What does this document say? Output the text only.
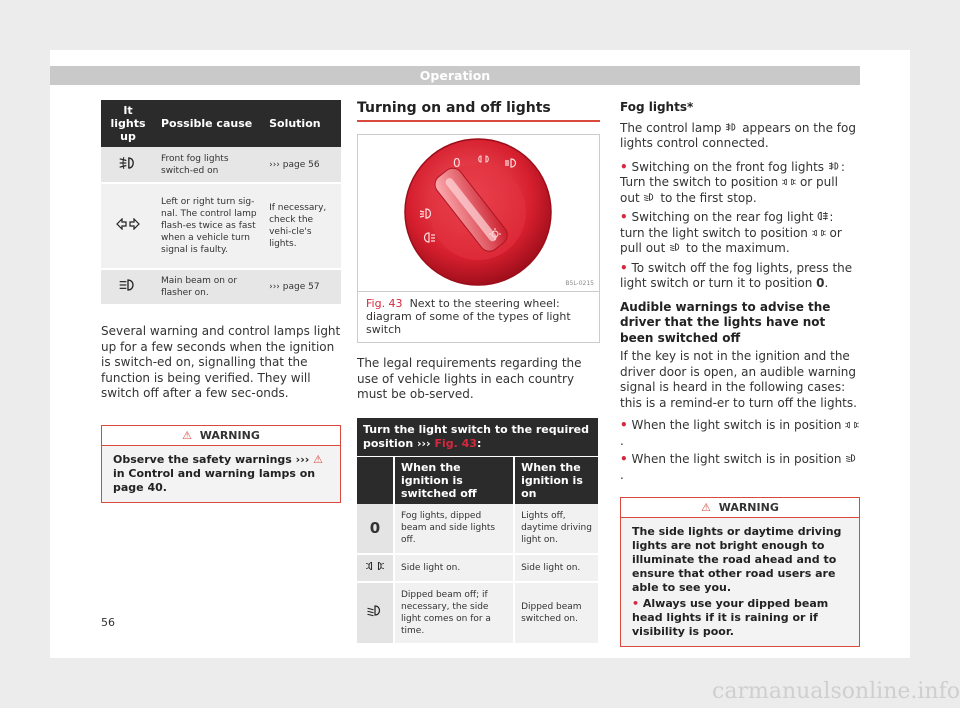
Operation
It lights up	Possible cause	Solution
	Front fog lights switch-ed on	››› page 56
	Left or right turn sig-nal. The control lamp flash-es twice as fast when a vehicle turn signal is faulty.	If necessary, check the vehi-cle's lights.
	Main beam on or flasher on.	››› page 57

Several warning and control lamps light up for a few seconds when the ignition is switch-ed on, signalling that the function is being verified. They will switch off after a few sec-onds.

⚠ WARNING
Observe the safety warnings ››› ⚠ in Control and warning lamps on page 40.
Turning on and off lights
0
B5L-0215
Fig. 43 Next to the steering wheel: diagram of some of the types of light switch

The legal requirements regarding the use of vehicle lights in each country must be ob-served.

Turn the light switch to the required position ››› Fig. 43:		
	When the ignition is switched off	When the ignition is on
0	Fog lights, dipped beam and side lights off.	Lights off, daytime driving light on.
	Side light on.	Side light on.
	Dipped beam off; if necessary, the side light comes on for a time.	Dipped beam switched on.
Fog lights*

The control lamp appears on the fog lights control connected.

• Switching on the front fog lights : Turn the switch to position or pull out to the first stop.

• Switching on the rear fog light : turn the light switch to position or pull out to the maximum.

• To switch off the fog lights, press the light switch or turn it to position 0.

Audible warnings to advise the driver that the lights have not been switched off

If the key is not in the ignition and the driver door is open, an audible warning signal is heard in the following cases: this is a remind-er to turn off the lights.

• When the light switch is in position .

• When the light switch is in position .

⚠ WARNING
The side lights or daytime driving lights are not bright enough to illuminate the road ahead and to ensure that other road users are able to see you.
• Always use your dipped beam head lights if it is raining or if visibility is poor.
56
carmanualsonline.info
